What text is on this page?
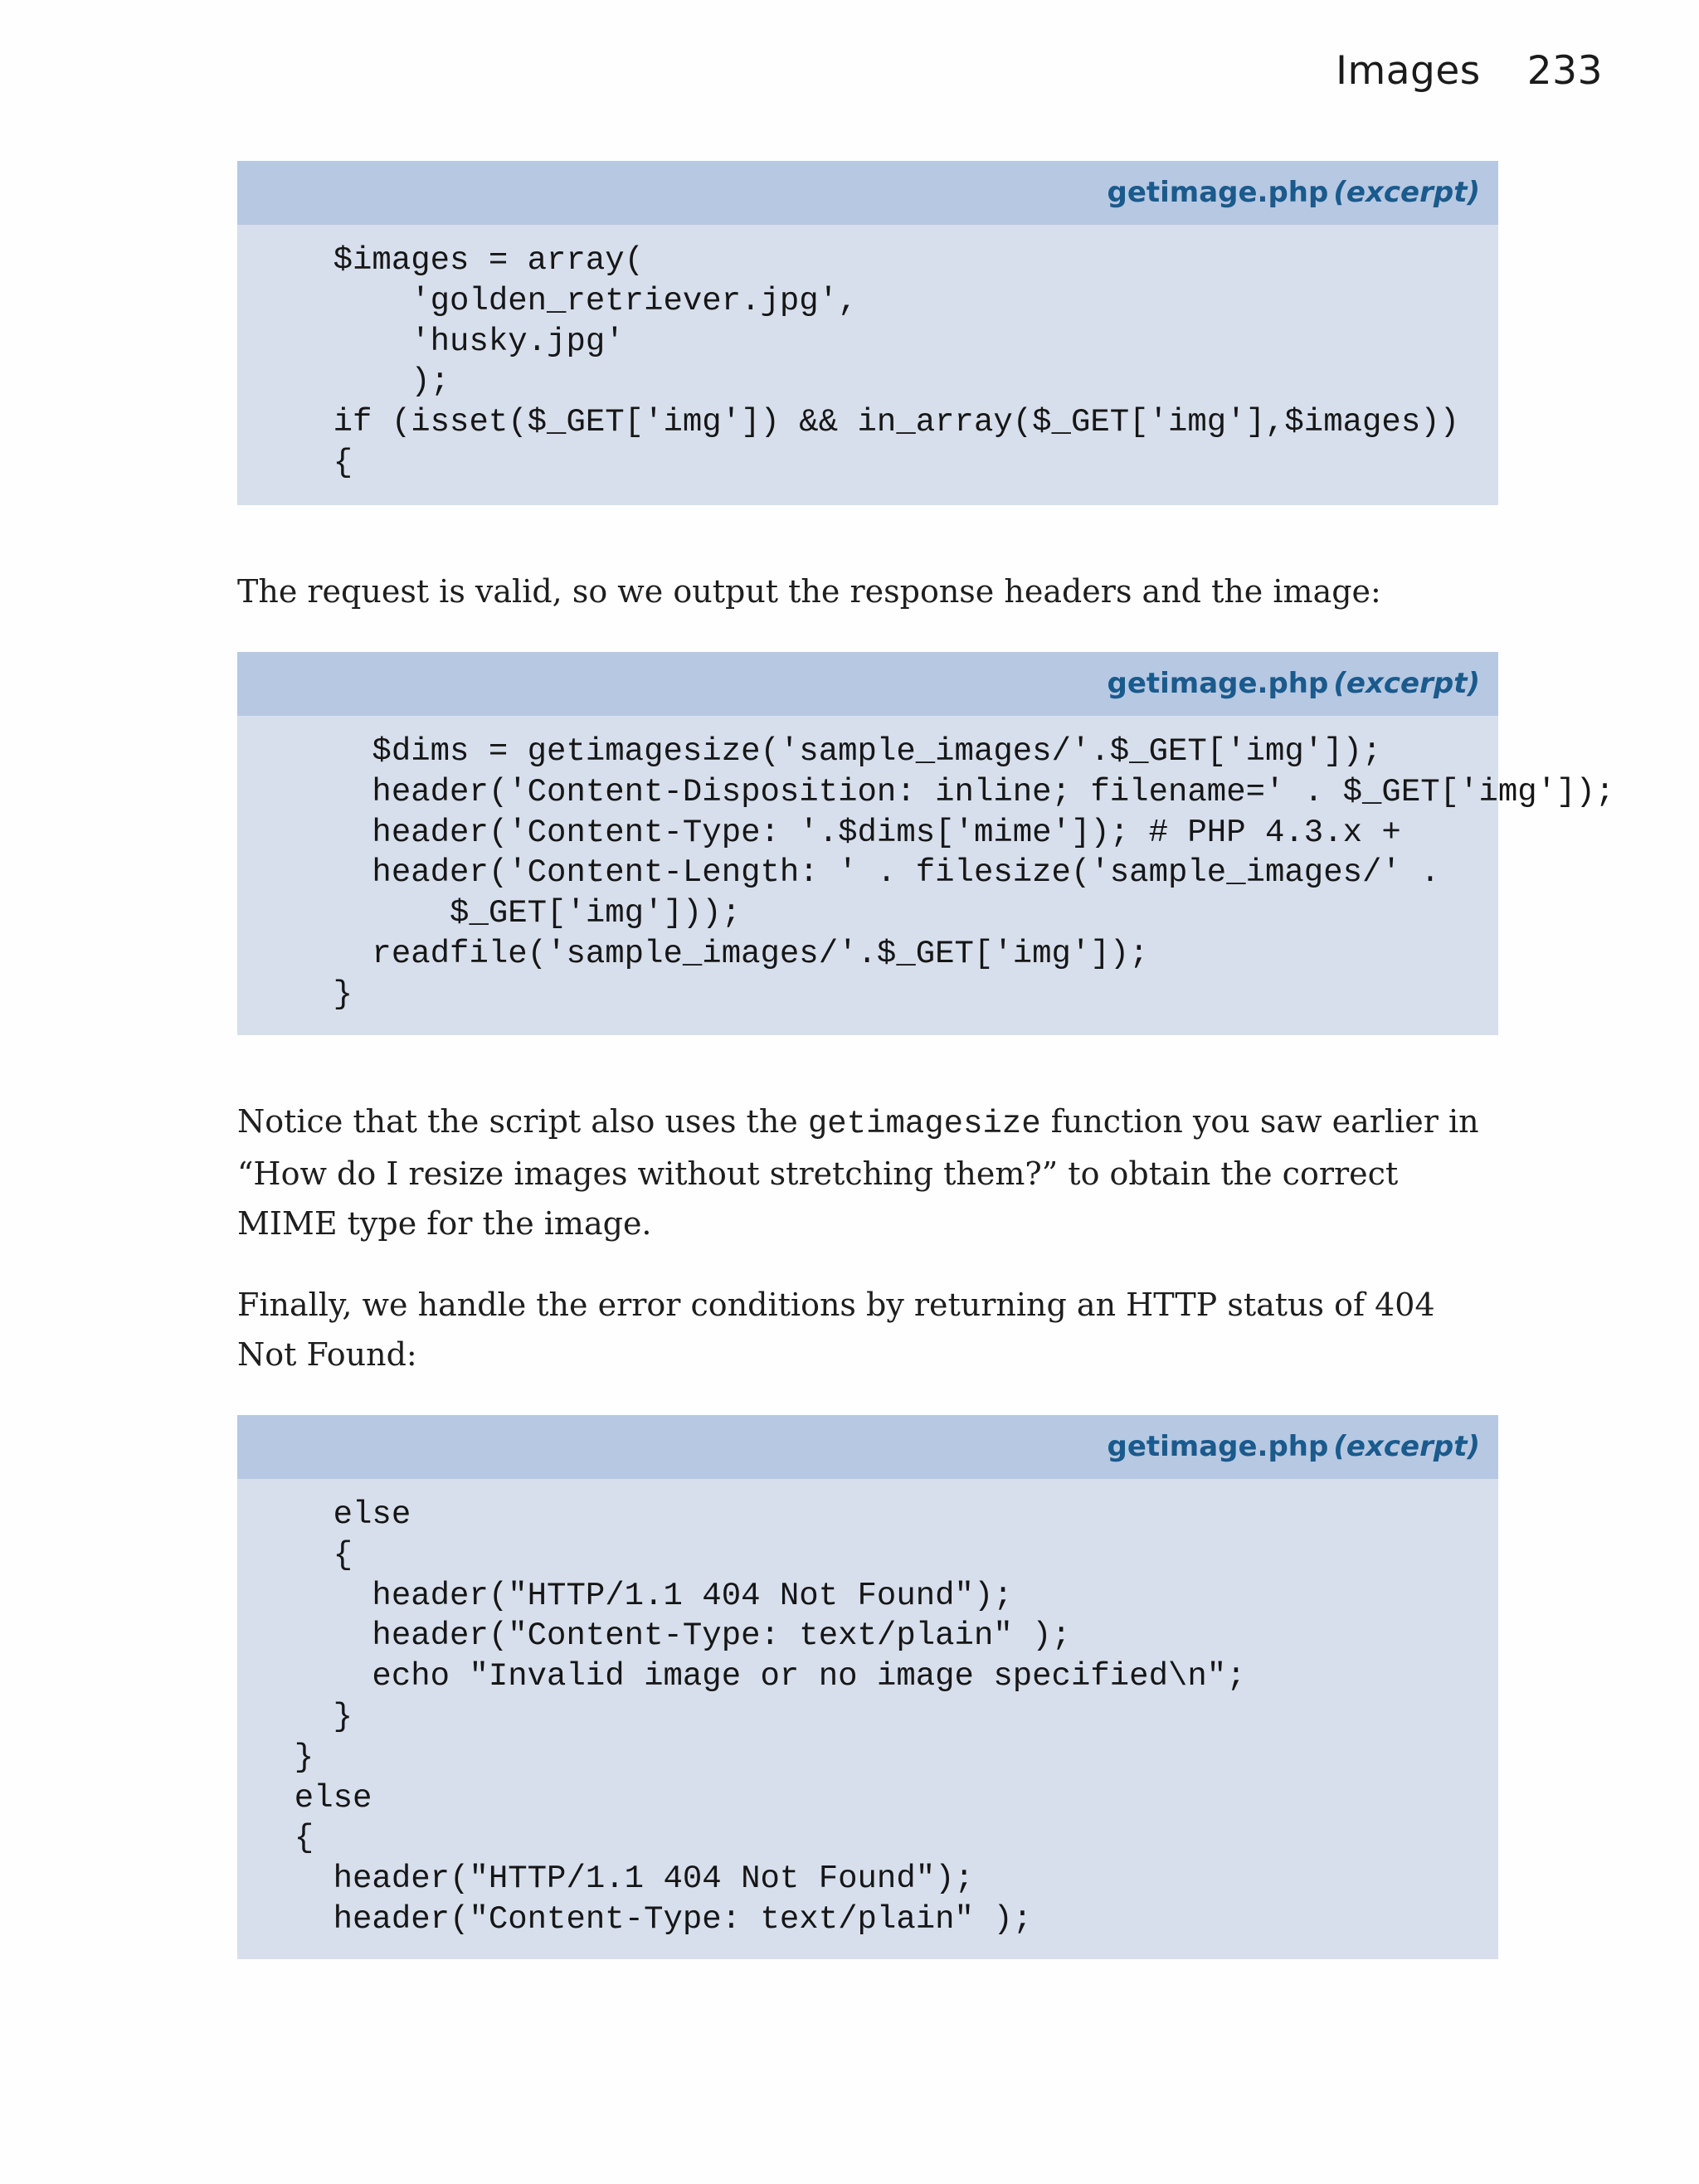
Images 233
getimage.php (excerpt)
$images = array(
'golden_retriever.jpg',
'husky.jpg'
);
if (isset($_GET['img']) && in_array($_GET['img'],$images))
{

The request is valid, so we output the response headers and the image:

getimage.php (excerpt)
$dims = getimagesize('sample_images/'.$_GET['img']);
header('Content-Disposition: inline; filename=' . $_GET['img']);
header('Content-Type: '.$dims['mime']); # PHP 4.3.x +
header('Content-Length: ' . filesize('sample_images/' .
$_GET['img']));
readfile('sample_images/'.$_GET['img']);
}

Notice that the script also uses the getimagesize function you saw earlier in “How do I resize images without stretching them?” to obtain the correct MIME type for the image.

Finally, we handle the error conditions by returning an HTTP status of 404 Not Found:

getimage.php (excerpt)
else
{
header("HTTP/1.1 404 Not Found");
header("Content-Type: text/plain" );
echo "Invalid image or no image specified\n";
}
}
else
{
header("HTTP/1.1 404 Not Found");
header("Content-Type: text/plain" );
